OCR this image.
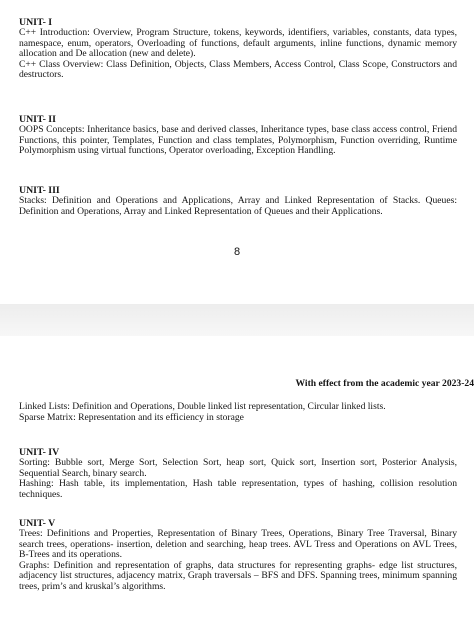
UNIT- I

C++ Introduction: Overview, Program Structure, tokens, keywords, identifiers, variables, constants, data types, namespace, enum, operators, Overloading of functions, default arguments, inline functions, dynamic memory allocation and De allocation (new and delete).

C++ Class Overview: Class Definition, Objects, Class Members, Access Control, Class Scope, Constructors and destructors.

UNIT- II

OOPS Concepts: Inheritance basics, base and derived classes, Inheritance types, base class access control, Friend Functions, this pointer, Templates, Function and class templates, Polymorphism, Function overriding, Runtime Polymorphism using virtual functions, Operator overloading, Exception Handling.

UNIT- III

Stacks: Definition and Operations and Applications, Array and Linked Representation of Stacks. Queues: Definition and Operations, Array and Linked Representation of Queues and their Applications.

8
With effect from the academic year 2023-24

Linked Lists: Definition and Operations, Double linked list representation, Circular linked lists.

Sparse Matrix: Representation and its efficiency in storage

UNIT- IV

Sorting: Bubble sort, Merge Sort, Selection Sort, heap sort, Quick sort, Insertion sort, Posterior Analysis, Sequential Search, binary search.

Hashing: Hash table, its implementation, Hash table representation, types of hashing, collision resolution techniques.

UNIT- V

Trees: Definitions and Properties, Representation of Binary Trees, Operations, Binary Tree Traversal, Binary search trees, operations- insertion, deletion and searching, heap trees. AVL Tress and Operations on AVL Trees, B-Trees and its operations.

Graphs: Definition and representation of graphs, data structures for representing graphs- edge list structures, adjacency list structures, adjacency matrix, Graph traversals – BFS and DFS. Spanning trees, minimum spanning trees, prim’s and kruskal’s algorithms.
